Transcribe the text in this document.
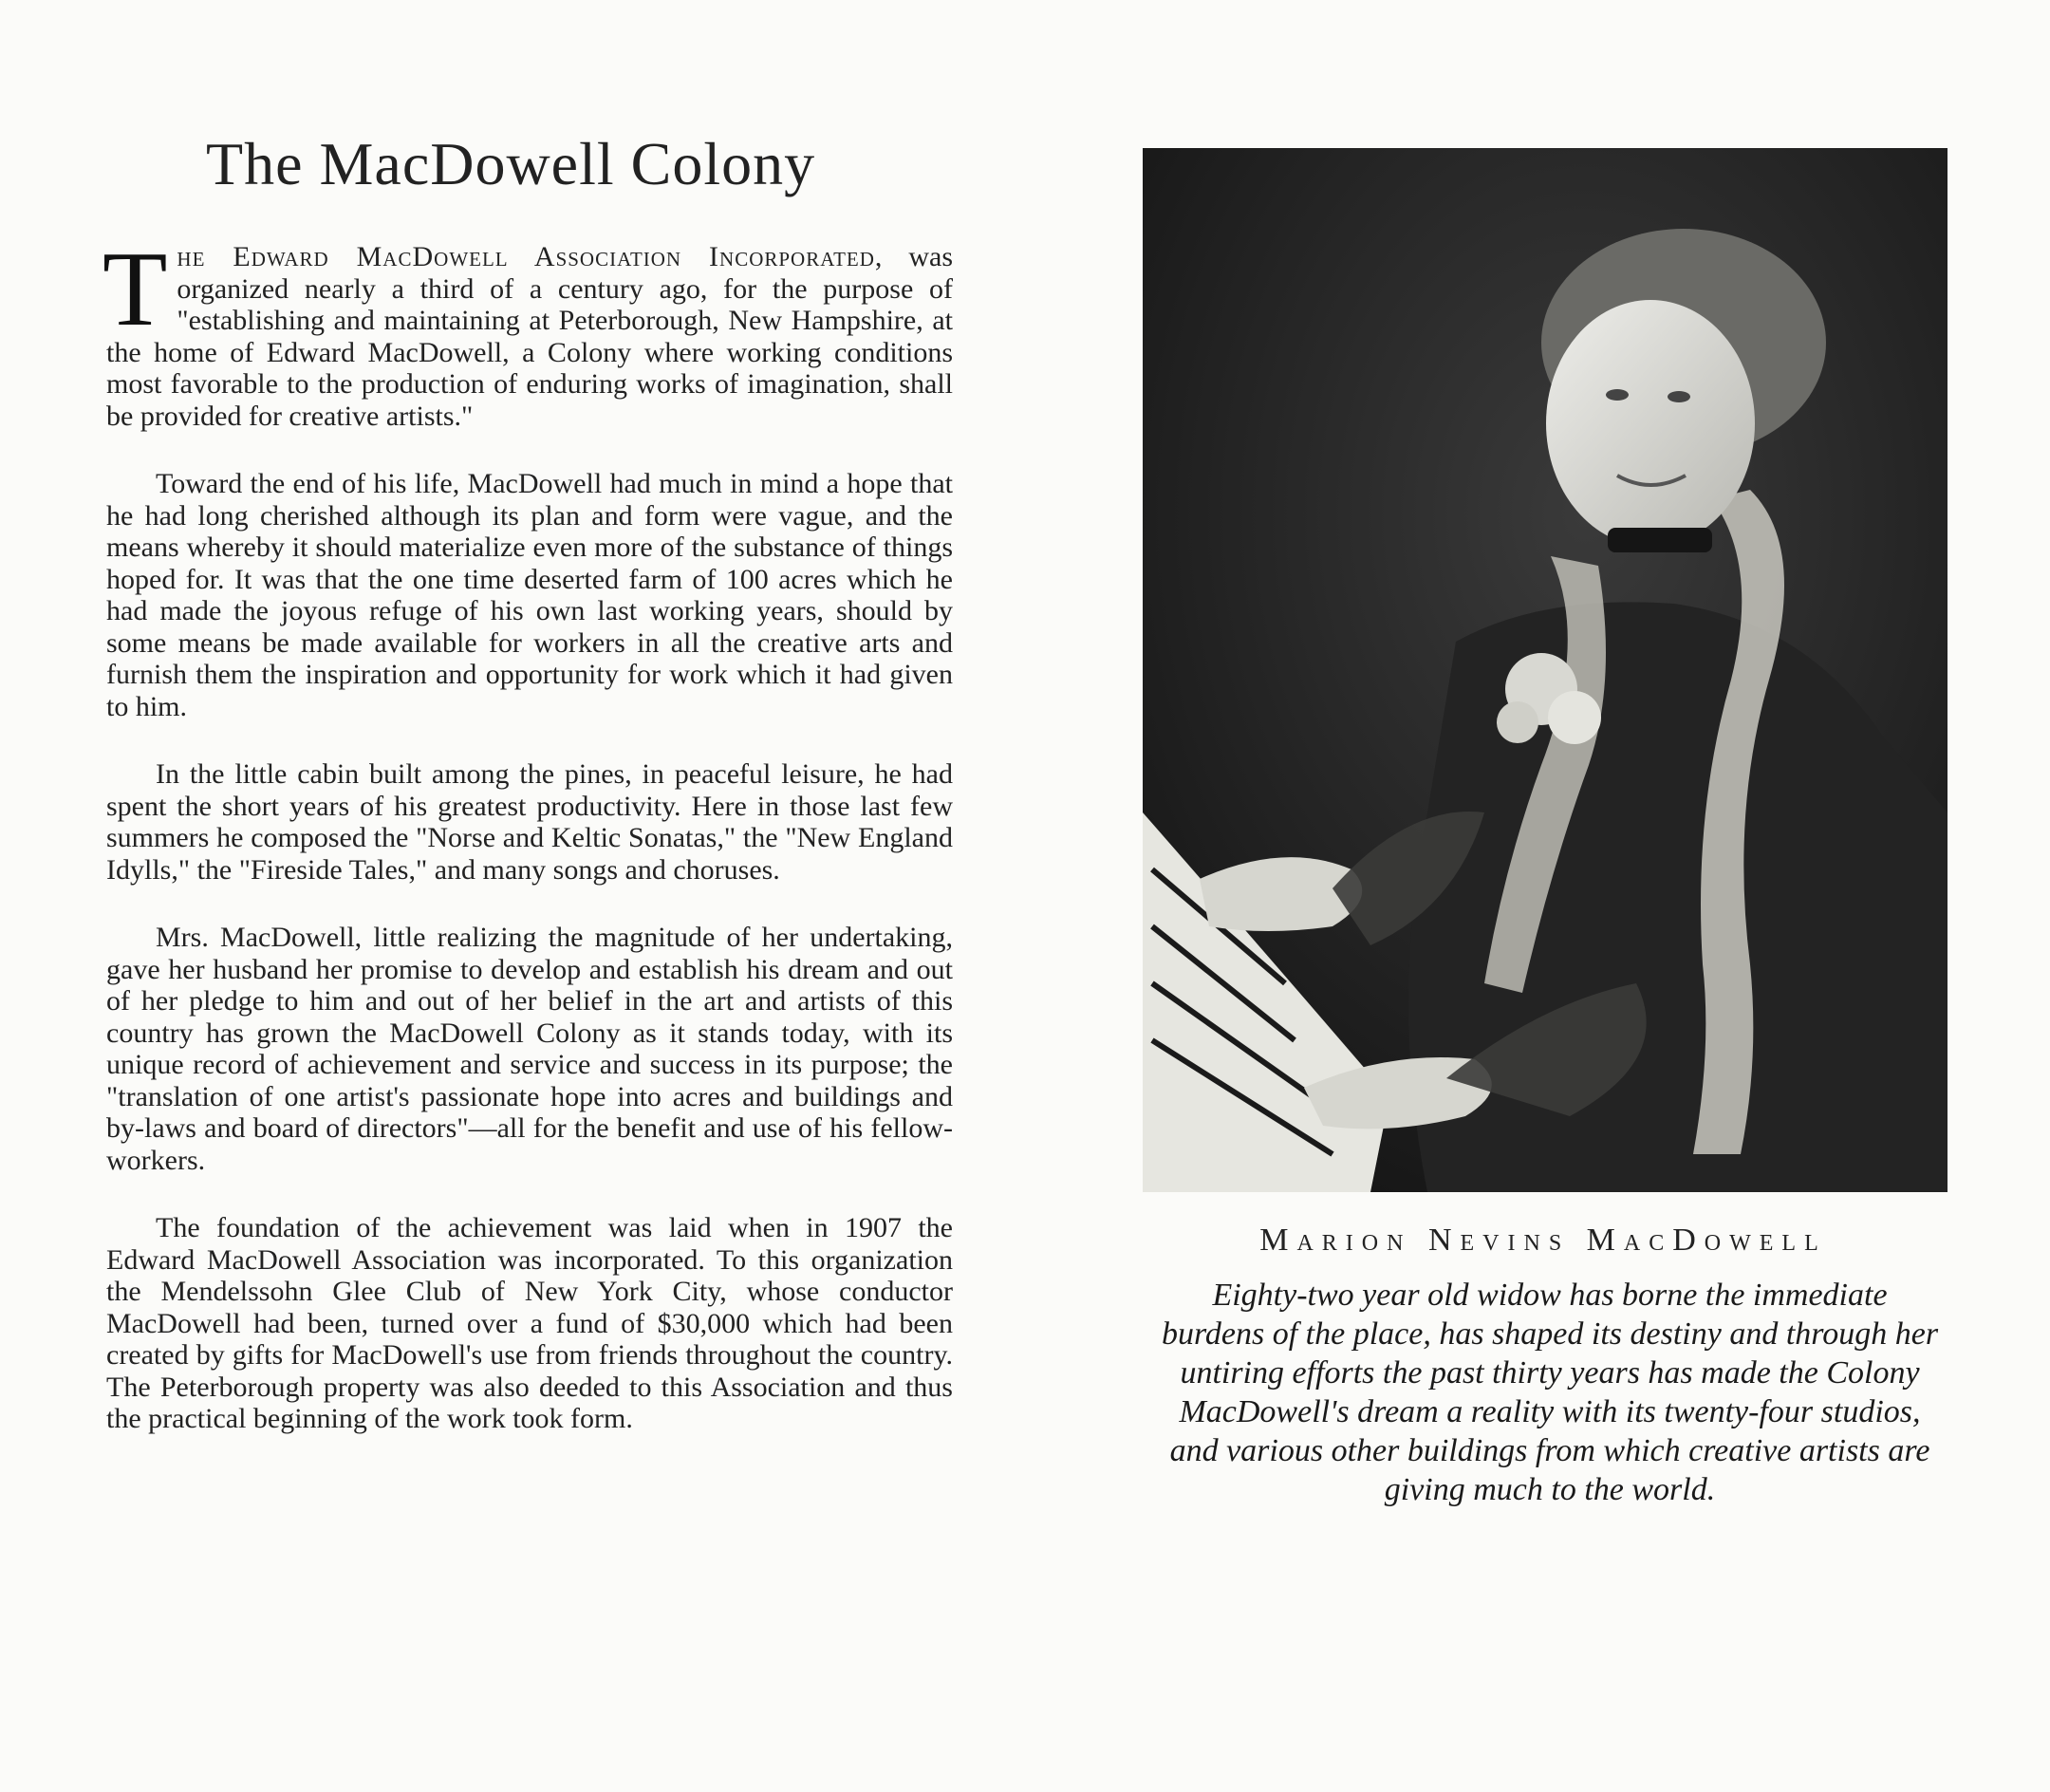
The MacDowell Colony

The Edward MacDowell Association Incorporated, was organized nearly a third of a century ago, for the purpose of "establishing and maintaining at Peterborough, New Hampshire, at the home of Edward MacDowell, a Colony where working conditions most favorable to the production of enduring works of imagination, shall be provided for creative artists."

Toward the end of his life, MacDowell had much in mind a hope that he had long cherished although its plan and form were vague, and the means whereby it should materialize even more of the substance of things hoped for. It was that the one time deserted farm of 100 acres which he had made the joyous refuge of his own last working years, should by some means be made available for workers in all the creative arts and furnish them the inspiration and opportunity for work which it had given to him.

In the little cabin built among the pines, in peaceful leisure, he had spent the short years of his greatest productivity. Here in those last few summers he composed the "Norse and Keltic Sonatas," the "New England Idylls," the "Fireside Tales," and many songs and choruses.

Mrs. MacDowell, little realizing the magnitude of her undertaking, gave her husband her promise to develop and establish his dream and out of her pledge to him and out of her belief in the art and artists of this country has grown the MacDowell Colony as it stands today, with its unique record of achievement and service and success in its purpose; the "translation of one artist's passionate hope into acres and buildings and by-laws and board of directors"—all for the benefit and use of his fellow-workers.

The foundation of the achievement was laid when in 1907 the Edward MacDowell Association was incorporated. To this organization the Mendelssohn Glee Club of New York City, whose conductor MacDowell had been, turned over a fund of $30,000 which had been created by gifts for MacDowell's use from friends throughout the country. The Peterborough property was also deeded to this Association and thus the practical beginning of the work took form.

Marion Nevins MacDowell

Eighty-two year old widow has borne the immediate burdens of the place, has shaped its destiny and through her untiring efforts the past thirty years has made the Colony MacDowell's dream a reality with its twenty-four studios, and various other buildings from which creative artists are giving much to the world.
